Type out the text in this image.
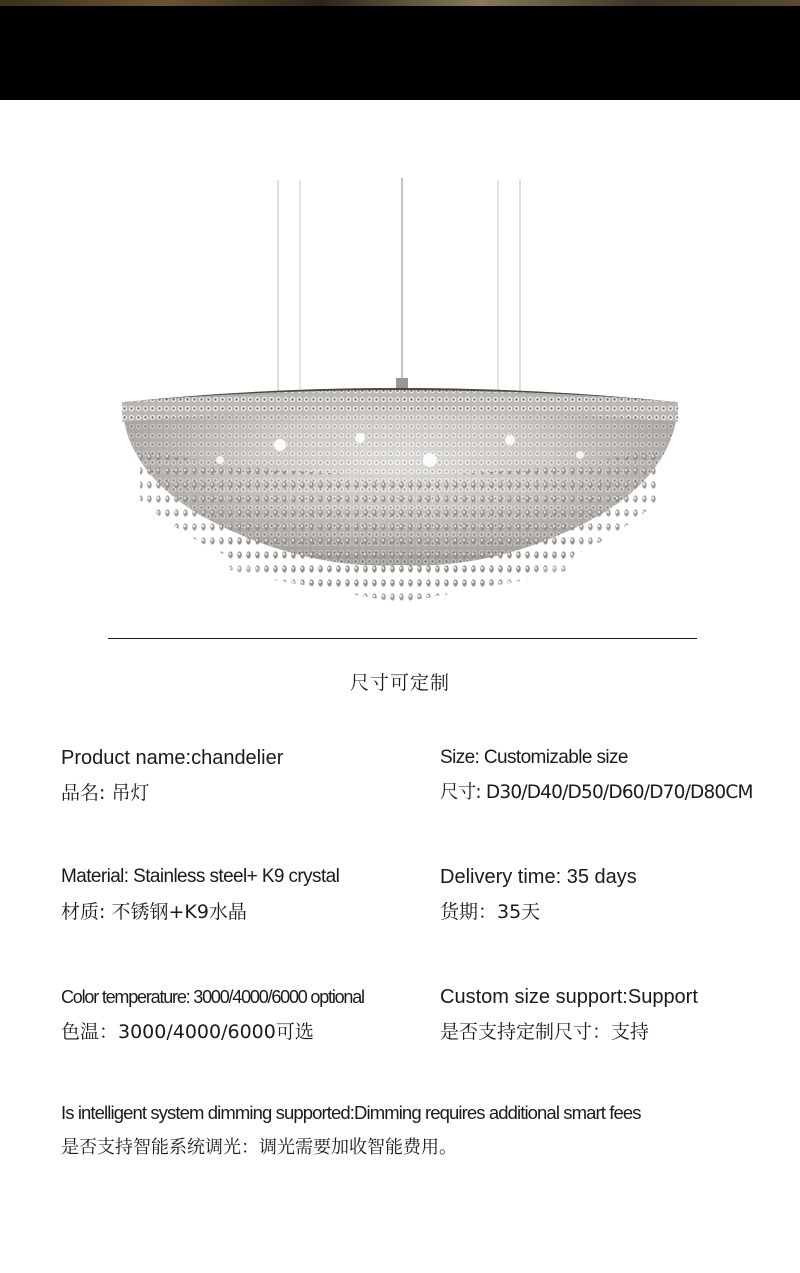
尺寸可定制
Product name:chandelier
品名: 吊灯
Size: Customizable size
尺寸: D30/D40/D50/D60/D70/D80CM
Material: Stainless steel+ K9 crystal
材质: 不锈钢+K9水晶
Delivery time: 35 days
货期：35天
Color temperature: 3000/4000/6000 optional
色温：3000/4000/6000可选
Custom size support:Support
是否支持定制尺寸：支持
Is intelligent system dimming supported:Dimming requires additional smart fees
是否支持智能系统调光：调光需要加收智能费用。
